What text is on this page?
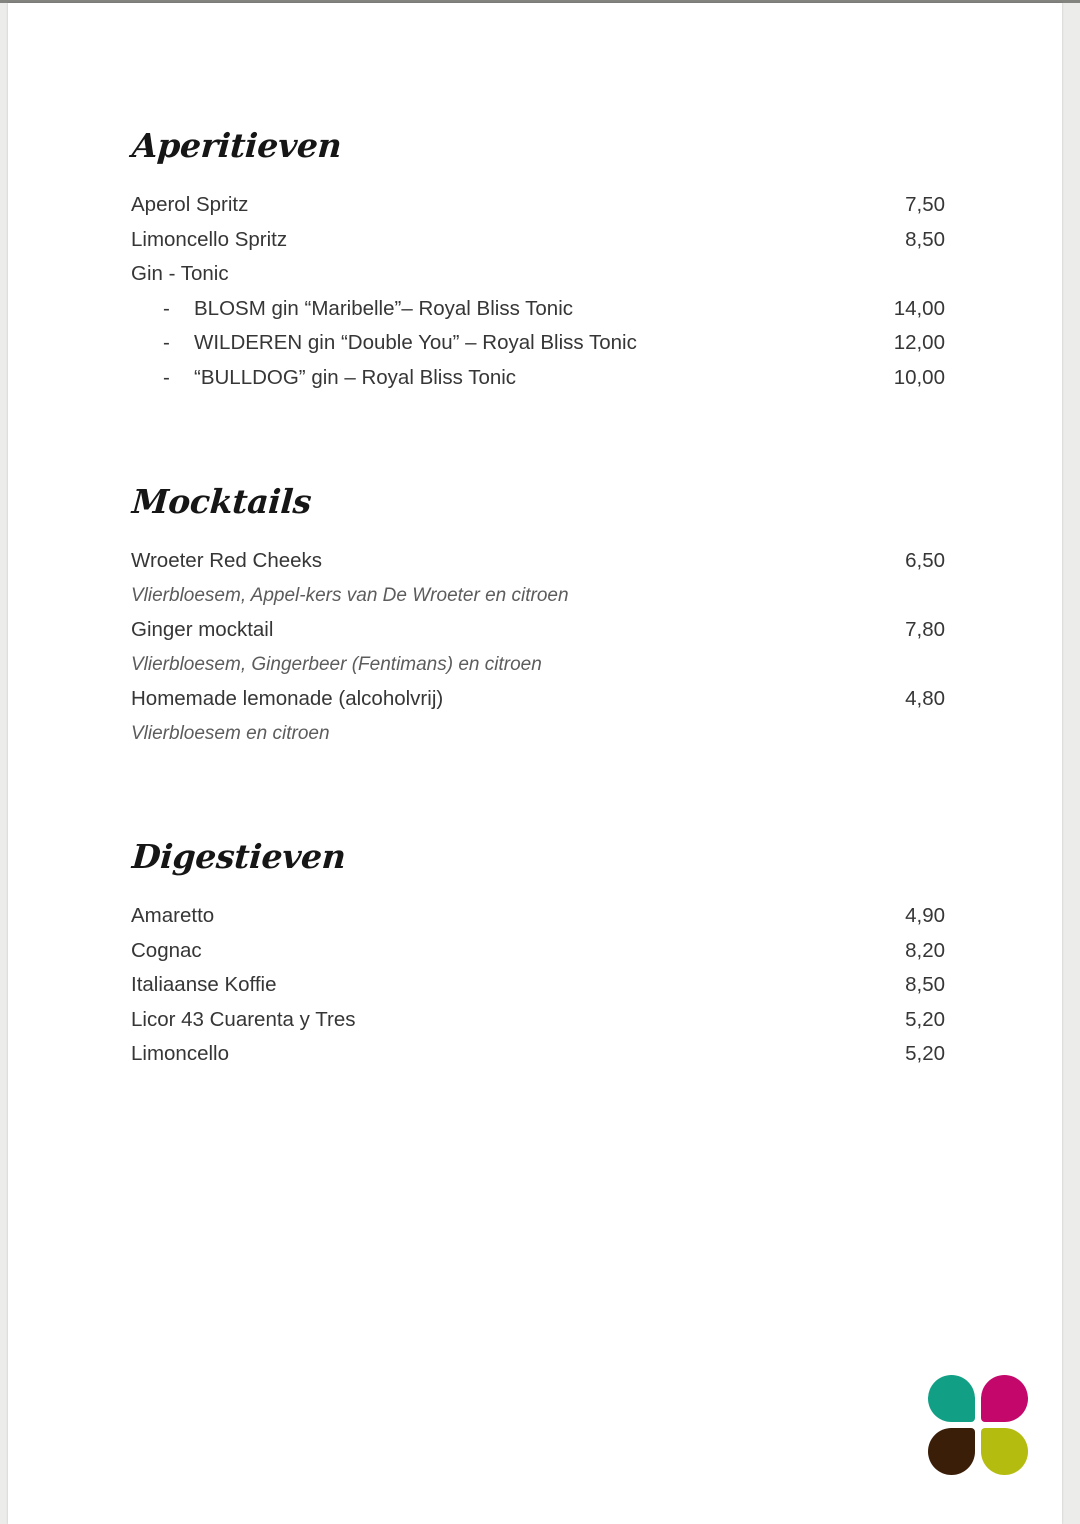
Aperitieven
Aperol Spritz	7,50
Limoncello Spritz	8,50
Gin - Tonic
-	BLOSM gin “Maribelle”– Royal Bliss Tonic	14,00
-	WILDEREN gin “Double You” – Royal Bliss Tonic	12,00
-	“BULLDOG” gin – Royal Bliss Tonic	10,00
Mocktails
Wroeter Red Cheeks	6,50
Vlierbloesem, Appel-kers van De Wroeter en citroen
Ginger mocktail	7,80
Vlierbloesem, Gingerbeer (Fentimans) en citroen
Homemade lemonade (alcoholvrij)	4,80
Vlierbloesem en citroen
Digestieven
Amaretto	4,90
Cognac	8,20
Italiaanse Koffie	8,50
Licor 43 Cuarenta y Tres	5,20
Limoncello	5,20
